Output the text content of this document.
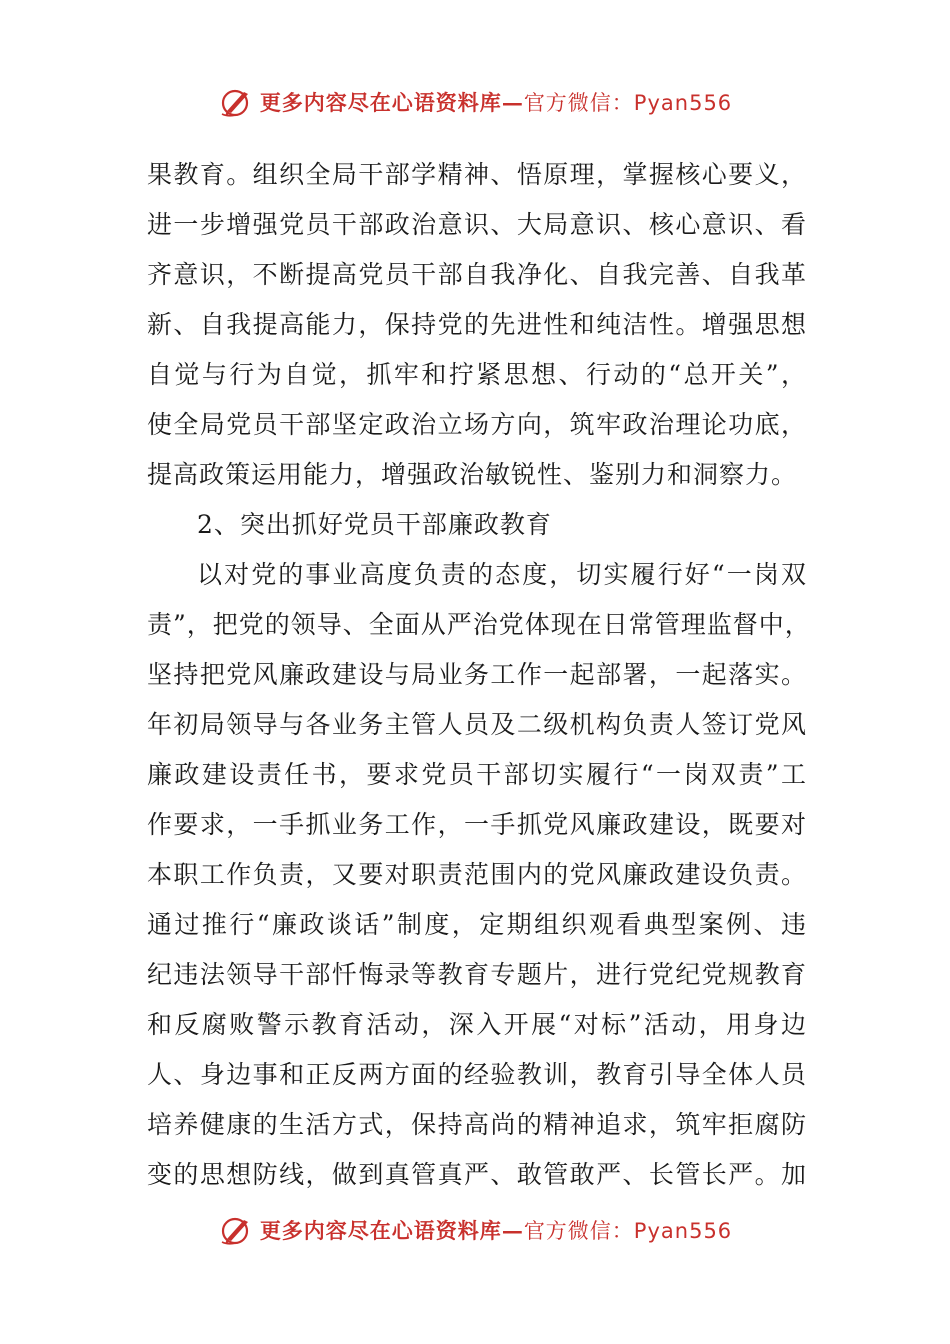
更多内容尽在心语资料库—官方微信：Pyan556
果教育。组织全局干部学精神、悟原理，掌握核心要义，
进一步增强党员干部政治意识、大局意识、核心意识、看
齐意识，不断提高党员干部自我净化、自我完善、自我革
新、自我提高能力，保持党的先进性和纯洁性。增强思想
自觉与行为自觉，抓牢和拧紧思想、行动的“总开关”，
使全局党员干部坚定政治立场方向，筑牢政治理论功底，
提高政策运用能力，增强政治敏锐性、鉴别力和洞察力。
2、突出抓好党员干部廉政教育
以对党的事业高度负责的态度，切实履行好“一岗双
责”，把党的领导、全面从严治党体现在日常管理监督中，
坚持把党风廉政建设与局业务工作一起部署，一起落实。
年初局领导与各业务主管人员及二级机构负责人签订党风
廉政建设责任书，要求党员干部切实履行“一岗双责”工
作要求，一手抓业务工作，一手抓党风廉政建设，既要对
本职工作负责，又要对职责范围内的党风廉政建设负责。
通过推行“廉政谈话”制度，定期组织观看典型案例、违
纪违法领导干部忏悔录等教育专题片，进行党纪党规教育
和反腐败警示教育活动，深入开展“对标”活动，用身边
人、身边事和正反两方面的经验教训，教育引导全体人员
培养健康的生活方式，保持高尚的精神追求，筑牢拒腐防
变的思想防线，做到真管真严、敢管敢严、长管长严。加
更多内容尽在心语资料库—官方微信：Pyan556
